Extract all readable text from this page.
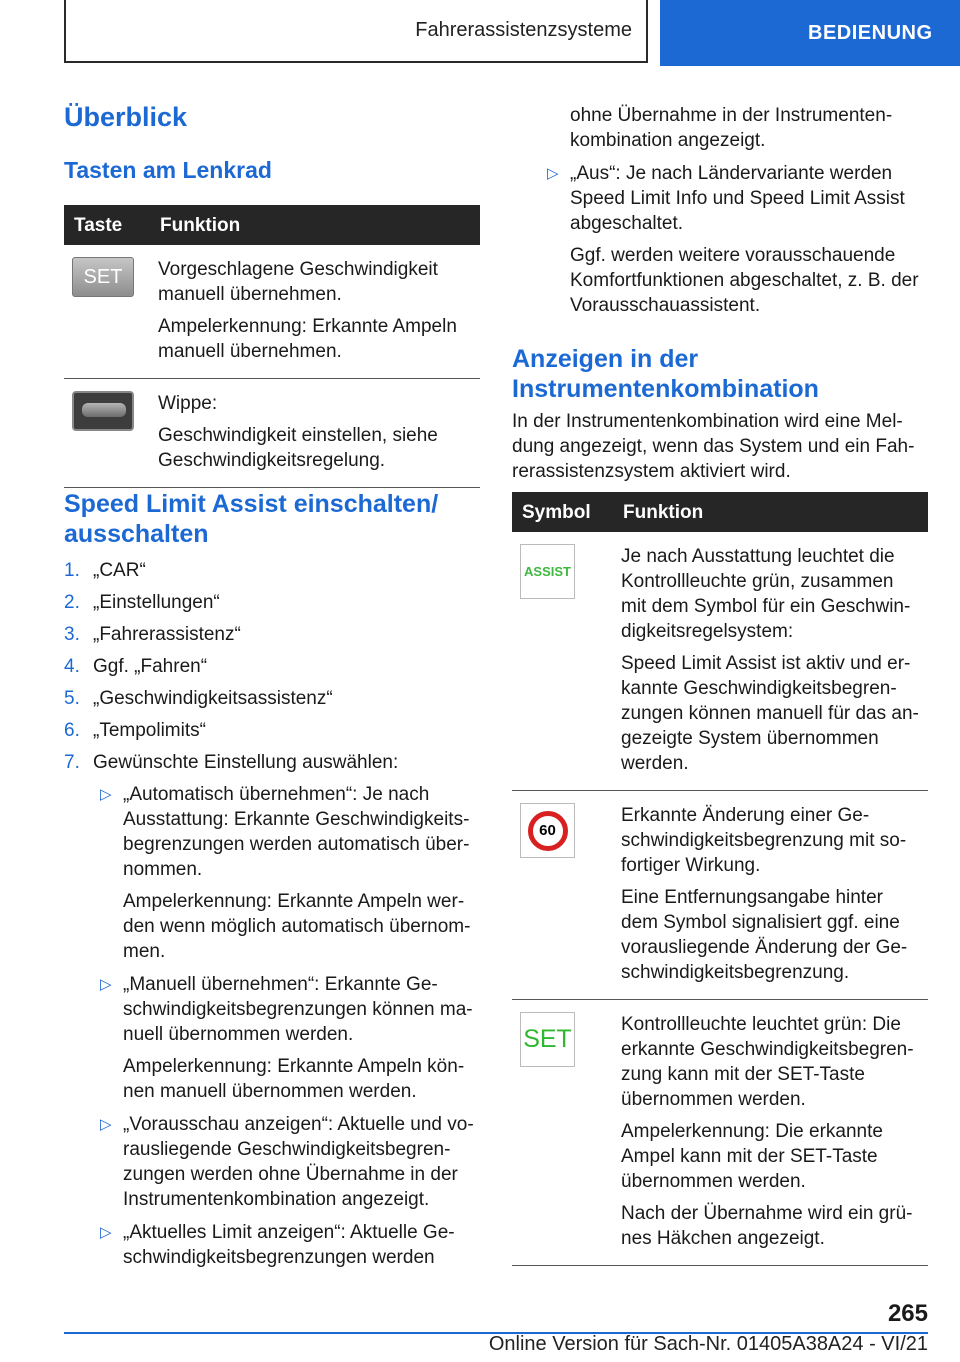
Fahrerassistenzsysteme	BEDIENUNG
Überblick
Tasten am Lenkrad
Taste	Funktion

SET	Vorgeschlagene Geschwindigkeit manuell übernehmen.

Ampelerkennung: Erkannte Ampeln manuell übernehmen.

	Wippe:

Geschwindigkeit einstellen, siehe Geschwindigkeitsregelung.

Speed Limit Assist einschalten/ ausschalten
1. „CAR“
2. „Einstellungen“
3. „Fahrerassistenz“
4. Ggf. „Fahren“
5. „Geschwindigkeitsassistenz“
6. „Tempolimits“
7. Gewünschte Einstellung auswählen:
▷ „Automatisch übernehmen“: Je nach Ausstattung: Erkannte Geschwindigkeitsbegrenzungen werden automatisch übernommen.

Ampelerkennung: Erkannte Ampeln werden wenn möglich automatisch übernommen.

▷ „Manuell übernehmen“: Erkannte Geschwindigkeitsbegrenzungen können manuell übernommen werden.

Ampelerkennung: Erkannte Ampeln können manuell übernommen werden.

▷ „Vorausschau anzeigen“: Aktuelle und vorausliegende Geschwindigkeitsbegrenzungen werden ohne Übernahme in der Instrumentenkombination angezeigt.

▷ „Aktuelles Limit anzeigen“: Aktuelle Geschwindigkeitsbegrenzungen werden

ohne Übernahme in der Instrumentenkombination angezeigt.

▷ „Aus“: Je nach Ländervariante werden Speed Limit Info und Speed Limit Assist abgeschaltet.

Ggf. werden weitere vorausschauende Komfortfunktionen abgeschaltet, z. B. der Vorausschauassistent.

Anzeigen in der Instrumentenkombination

In der Instrumentenkombination wird eine Meldung angezeigt, wenn das System und ein Fahrerassistenzsystem aktiviert wird.

Symbol	Funktion

ASSIST	Je nach Ausstattung leuchtet die Kontrollleuchte grün, zusammen mit dem Symbol für ein Geschwindigkeitsregelsystem:

Speed Limit Assist ist aktiv und erkannte Geschwindigkeitsbegrenzungen können manuell für das angezeigte System übernommen werden.

60	Erkannte Änderung einer Geschwindigkeitsbegrenzung mit sofortiger Wirkung.

Eine Entfernungsangabe hinter dem Symbol signalisiert ggf. eine vorausliegende Änderung der Geschwindigkeitsbegrenzung.

SET	Kontrollleuchte leuchtet grün: Die erkannte Geschwindigkeitsbegrenzung kann mit der SET-Taste übernommen werden.

Ampelerkennung: Die erkannte Ampel kann mit der SET-Taste übernommen werden.

Nach der Übernahme wird ein grünes Häkchen angezeigt.

265
Online Version für Sach-Nr. 01405A38A24 - VI/21
